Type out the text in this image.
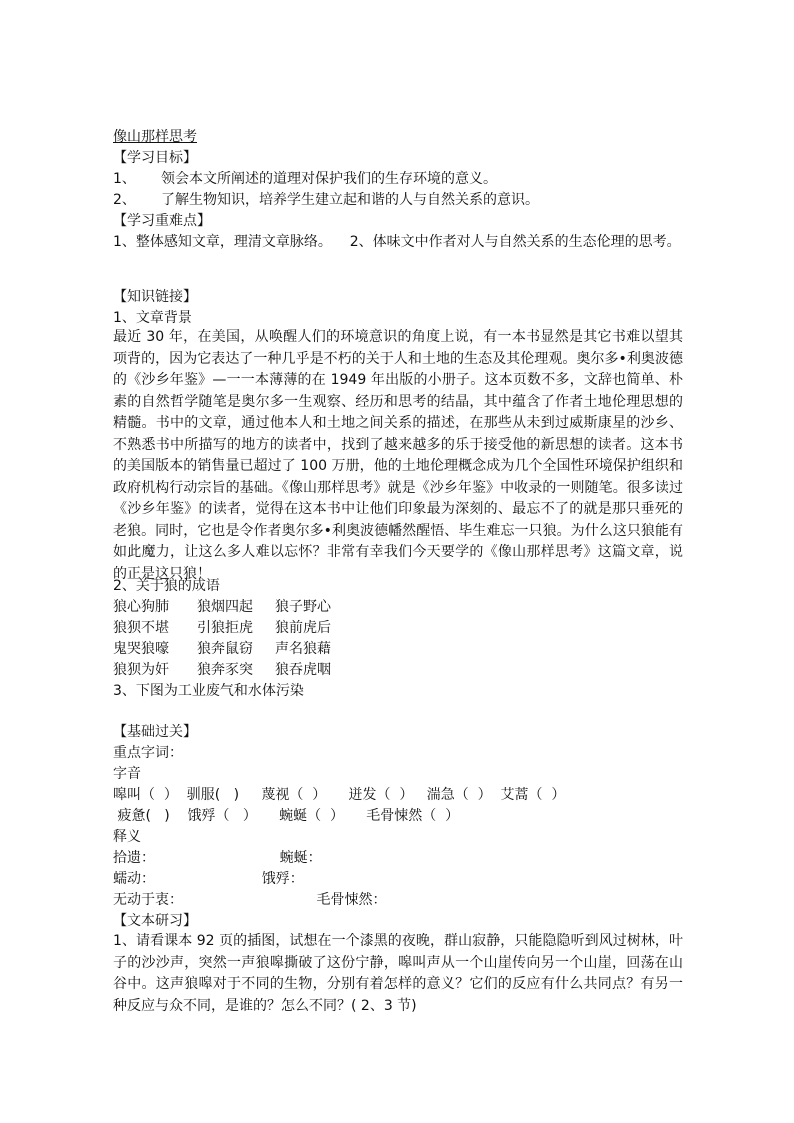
像山那样思考
【学习目标】
1、 领会本文所阐述的道理对保护我们的生存环境的意义。
2、 了解生物知识，培养学生建立起和谐的人与自然关系的意识。
【学习重难点】
1、整体感知文章，理清文章脉络。    2、体味文中作者对人与自然关系的生态伦理的思考。
【知识链接】
1、文章背景
最近 30 年，在美国，从唤醒人们的环境意识的角度上说，有一本书显然是其它书难以望其项背的，因为它表达了一种几乎是不朽的关于人和土地的生态及其伦理观。奥尔多•利奥波德的《沙乡年鉴》—一一本薄薄的在 1949 年出版的小册子。这本页数不多，文辞也简单、朴素的自然哲学随笔是奥尔多一生观察、经历和思考的结晶，其中蕴含了作者土地伦理思想的精髓。书中的文章，通过他本人和土地之间关系的描述，在那些从未到过威斯康星的沙乡、不熟悉书中所描写的地方的读者中，找到了越来越多的乐于接受他的新思想的读者。这本书的美国版本的销售量已超过了 100 万册，他的土地伦理概念成为几个全国性环境保护组织和政府机构行动宗旨的基础。《像山那样思考》就是《沙乡年鉴》中收录的一则随笔。很多读过《沙乡年鉴》的读者，觉得在这本书中让他们印象最为深刻的、最忘不了的就是那只垂死的老狼。同时，它也是令作者奥尔多•利奥波德幡然醒悟、毕生难忘一只狼。为什么这只狼能有如此魔力，让这么多人难以忘怀？非常有幸我们今天要学的《像山那样思考》这篇文章，说的正是这只狼！
2、关于狼的成语
狼心狗肺 狼烟四起 狼子野心
狼狈不堪 引狼拒虎 狼前虎后
鬼哭狼嚎 狼奔鼠窃 声名狼藉
狼狈为奸 狼奔豕突 狼吞虎咽
3、下图为工业废气和水体污染
【基础过关】
重点字词：
字音
嗥叫（  ）  驯服(   )     蔑视（  ）     迸发（  ）   湍急（  ）  艾蒿（  ）
疲惫(   )    饿殍（   ）     蜿蜒（  ）     毛骨悚然（  ）
释义
拾遗：                            蜿蜒：
蠕动：                        饿殍：
无动于衷：                              毛骨悚然：
【文本研习】
1、请看课本 92 页的插图，试想在一个漆黑的夜晚，群山寂静，只能隐隐听到风过树林，叶子的沙沙声，突然一声狼嗥撕破了这份宁静，嗥叫声从一个山崖传向另一个山崖，回荡在山谷中。这声狼嗥对于不同的生物，分别有着怎样的意义？它们的反应有什么共同点？有另一种反应与众不同，是谁的？怎么不同？( 2、3 节)
